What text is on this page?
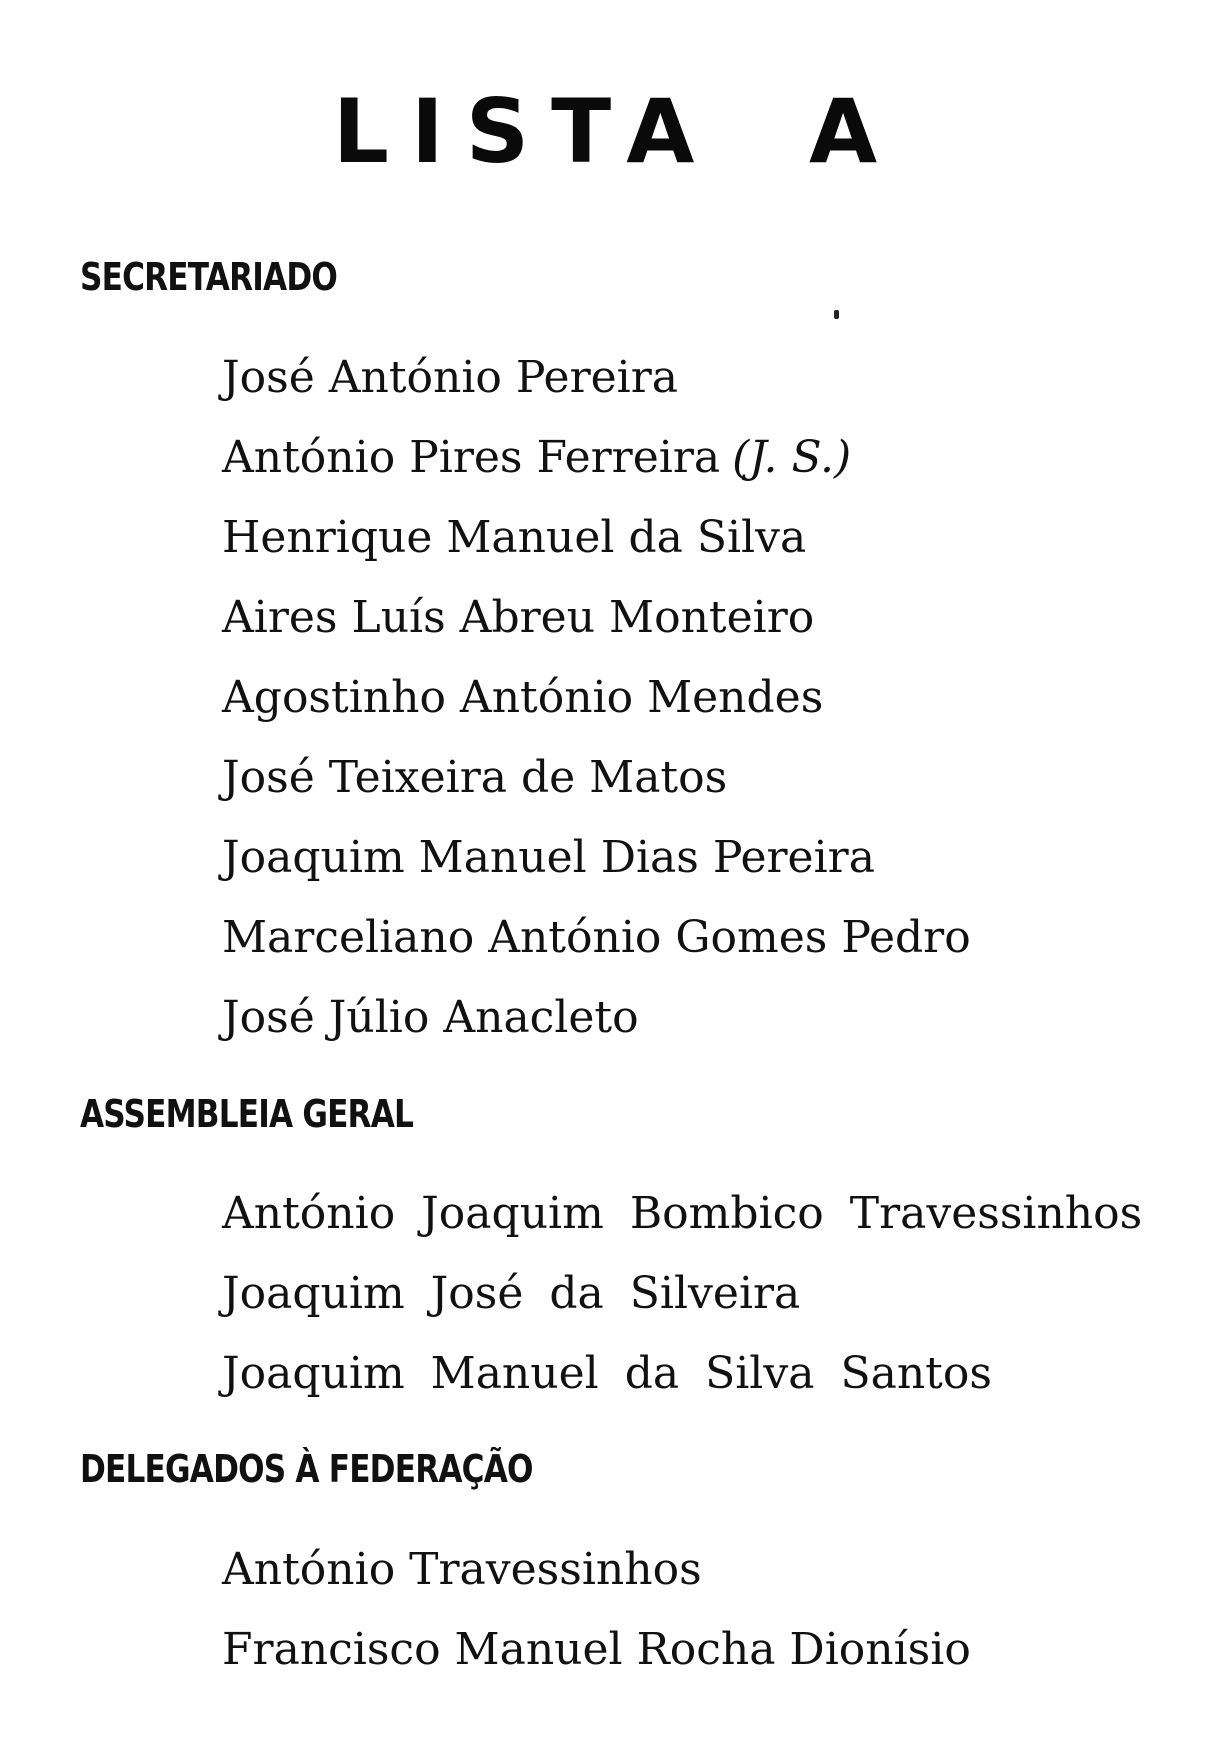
LISTA A
SECRETARIADO
José António Pereira
António Pires Ferreira (J. S.)
Henrique Manuel da Silva
Aires Luís Abreu Monteiro
Agostinho António Mendes
José Teixeira de Matos
Joaquim Manuel Dias Pereira
Marceliano António Gomes Pedro
José Júlio Anacleto
ASSEMBLEIA GERAL
António Joaquim Bombico Travessinhos
Joaquim José da Silveira
Joaquim Manuel da Silva Santos
DELEGADOS À FEDERAÇÃO
António Travessinhos
Francisco Manuel Rocha Dionísio
